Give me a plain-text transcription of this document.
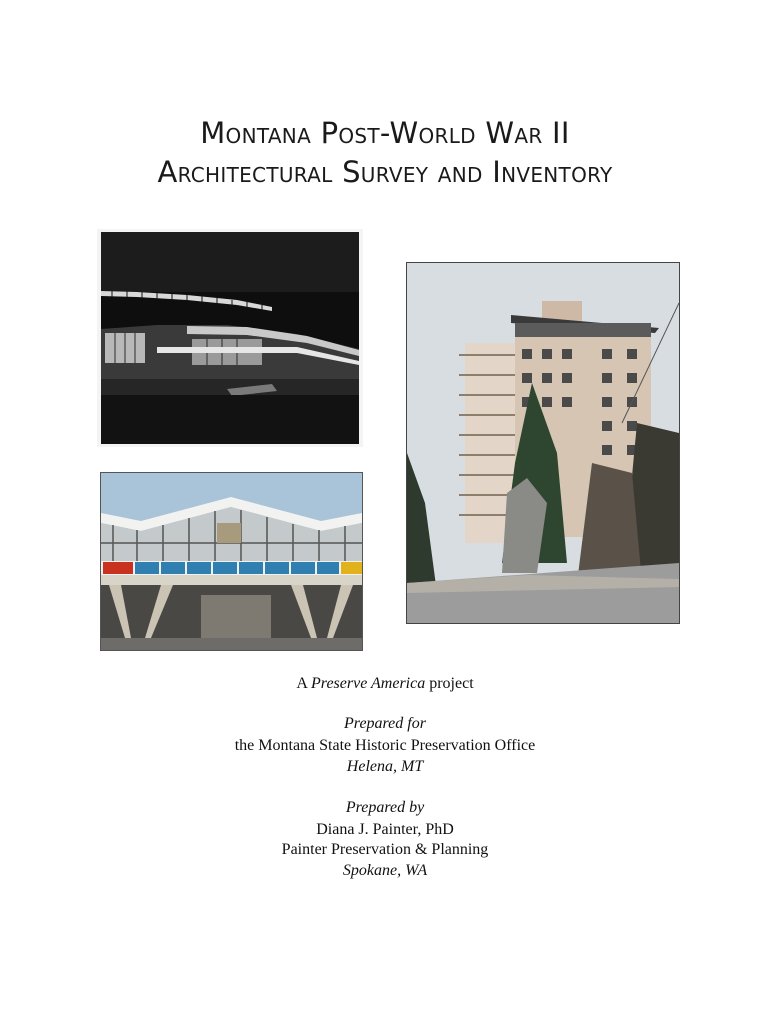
Montana Post-World War II
Architectural Survey and Inventory
A Preserve America project
Prepared for
the Montana State Historic Preservation Office
Helena, MT
Prepared by
Diana J. Painter, PhD
Painter Preservation & Planning
Spokane, WA
